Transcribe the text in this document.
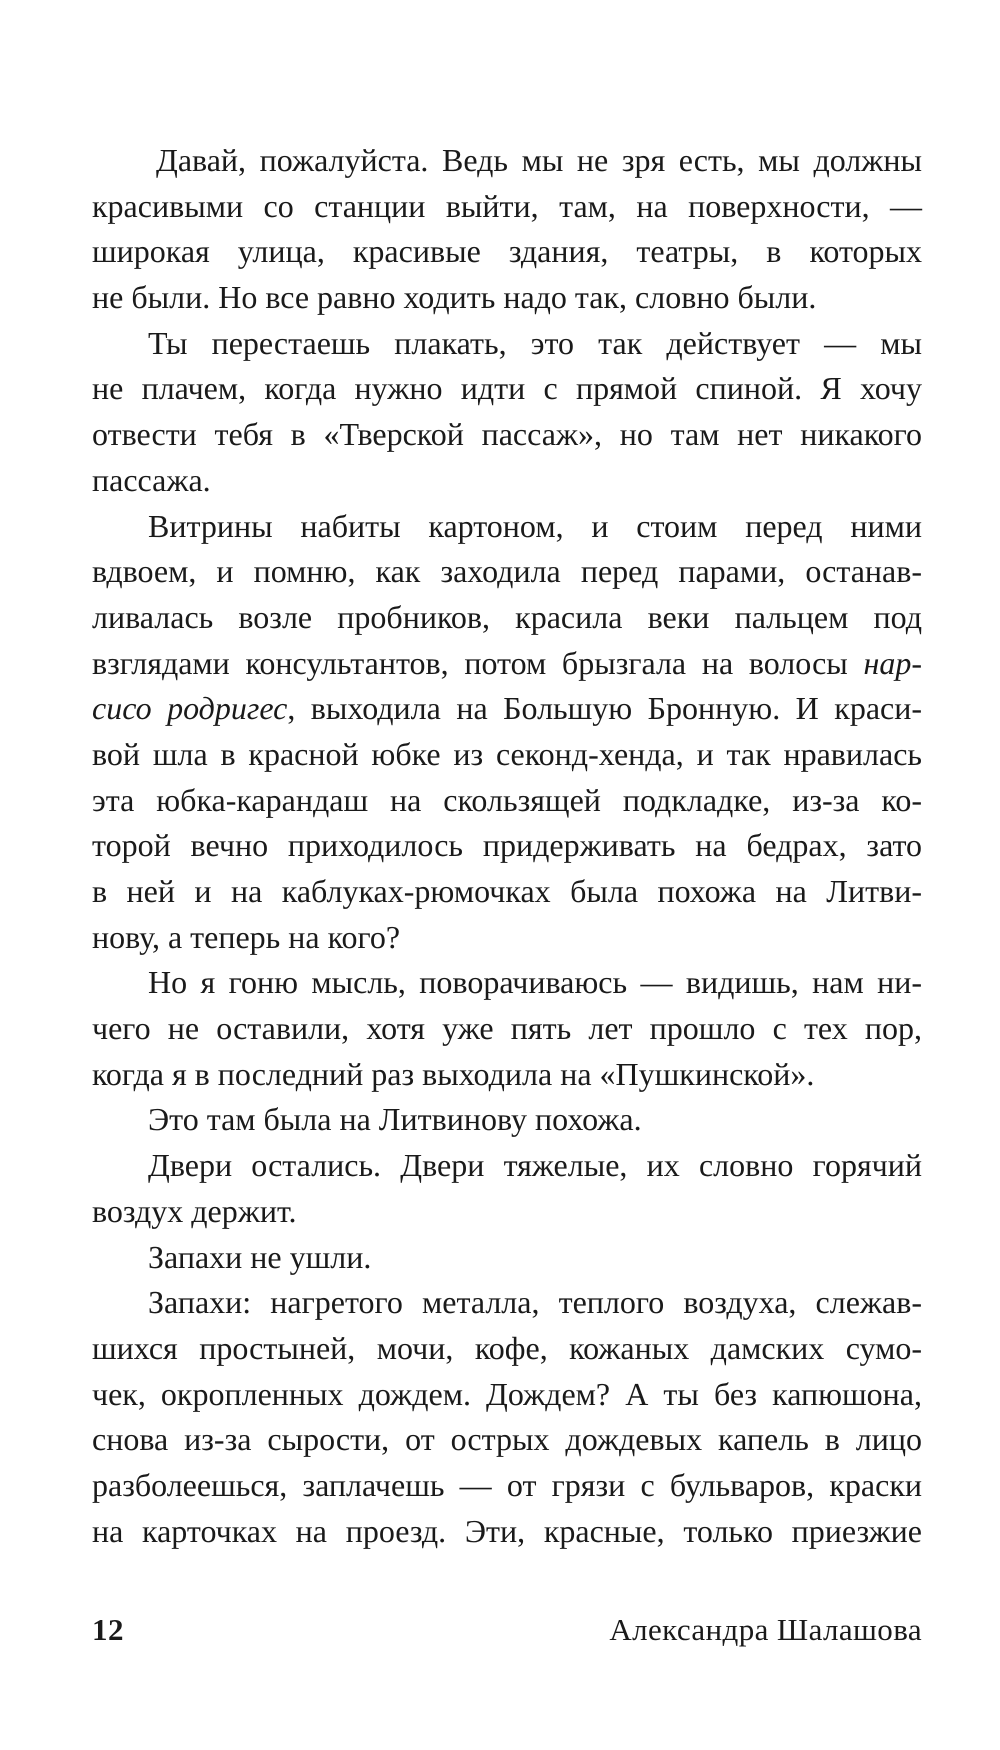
Давай, пожалуйста. Ведь мы не зря есть, мы должны
красивыми со станции выйти, там, на поверхности, —
широкая улица, красивые здания, театры, в которых
не были. Но все равно ходить надо так, словно были.
Ты перестаешь плакать, это так действует — мы
не плачем, когда нужно идти с прямой спиной. Я хочу
отвести тебя в «Тверской пассаж», но там нет никакого
пассажа.
Витрины набиты картоном, и стоим перед ними
вдвоем, и помню, как заходила перед парами, останав-
ливалась возле пробников, красила веки пальцем под
взглядами консультантов, потом брызгала на волосы нар-
сисо родригес, выходила на Большую Бронную. И краси-
вой шла в красной юбке из секонд-хенда, и так нравилась
эта юбка-карандаш на скользящей подкладке, из-за ко-
торой вечно приходилось придерживать на бедрах, зато
в ней и на каблуках-рюмочках была похожа на Литви-
нову, а теперь на кого?
Но я гоню мысль, поворачиваюсь — видишь, нам ни-
чего не оставили, хотя уже пять лет прошло с тех пор,
когда я в последний раз выходила на «Пушкинской».
Это там была на Литвинову похожа.
Двери остались. Двери тяжелые, их словно горячий
воздух держит.
Запахи не ушли.
Запахи: нагретого металла, теплого воздуха, слежав-
шихся простыней, мочи, кофе, кожаных дамских сумо-
чек, окропленных дождем. Дождем? А ты без капюшона,
снова из-за сырости, от острых дождевых капель в лицо
разболеешься, заплачешь — от грязи с бульваров, краски
на карточках на проезд. Эти, красные, только приезжие
12	Александра Шалашова
